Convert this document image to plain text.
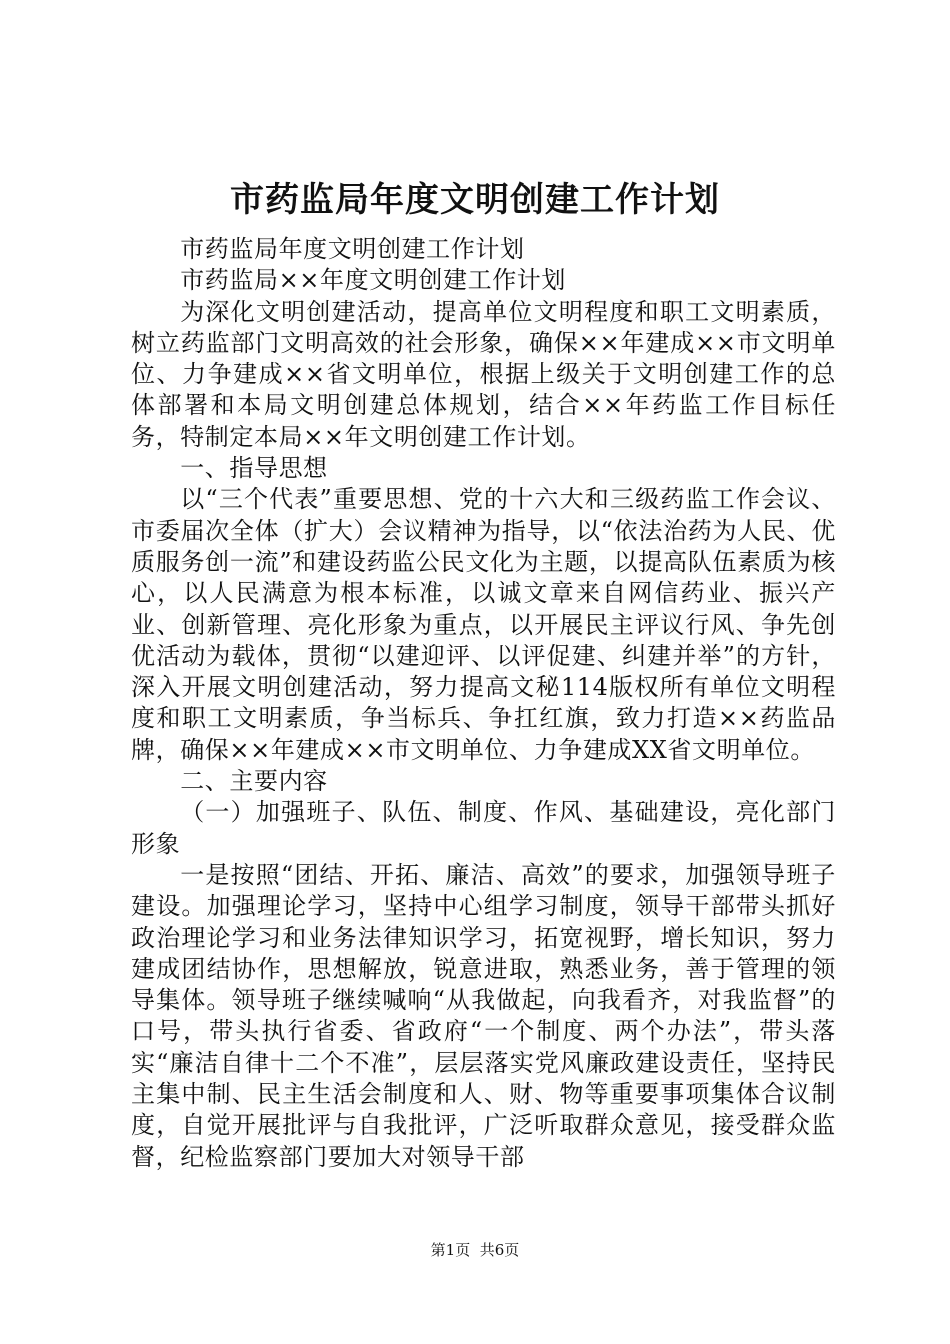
市药监局年度文明创建工作计划

市药监局年度文明创建工作计划

市药监局××年度文明创建工作计划

为深化文明创建活动，提高单位文明程度和职工文明素质，树立药监部门文明高效的社会形象，确保××年建成××市文明单位、力争建成××省文明单位，根据上级关于文明创建工作的总体部署和本局文明创建总体规划，结合××年药监工作目标任务，特制定本局××年文明创建工作计划。

一、指导思想

以“三个代表”重要思想、党的十六大和三级药监工作会议、市委届次全体（扩大）会议精神为指导，以“依法治药为人民、优质服务创一流”和建设药监公民文化为主题，以提高队伍素质为核心，以人民满意为根本标准，以诚文章来自网信药业、振兴产业、创新管理、亮化形象为重点，以开展民主评议行风、争先创优活动为载体，贯彻“以建迎评、以评促建、纠建并举”的方针，深入开展文明创建活动，努力提高文秘114版权所有单位文明程度和职工文明素质，争当标兵、争扛红旗，致力打造××药监品牌，确保××年建成××市文明单位、力争建成XX省文明单位。

二、主要内容

（一）加强班子、队伍、制度、作风、基础建设，亮化部门形象

一是按照“团结、开拓、廉洁、高效”的要求，加强领导班子建设。加强理论学习，坚持中心组学习制度，领导干部带头抓好政治理论学习和业务法律知识学习，拓宽视野，增长知识，努力建成团结协作，思想解放，锐意进取，熟悉业务，善于管理的领导集体。领导班子继续喊响“从我做起，向我看齐，对我监督”的口号，带头执行省委、省政府“一个制度、两个办法”，带头落实“廉洁自律十二个不准”，层层落实党风廉政建设责任，坚持民主集中制、民主生活会制度和人、财、物等重要事项集体合议制度，自觉开展批评与自我批评，广泛听取群众意见，接受群众监督，纪检监察部门要加大对领导干部

第1页 共6页
